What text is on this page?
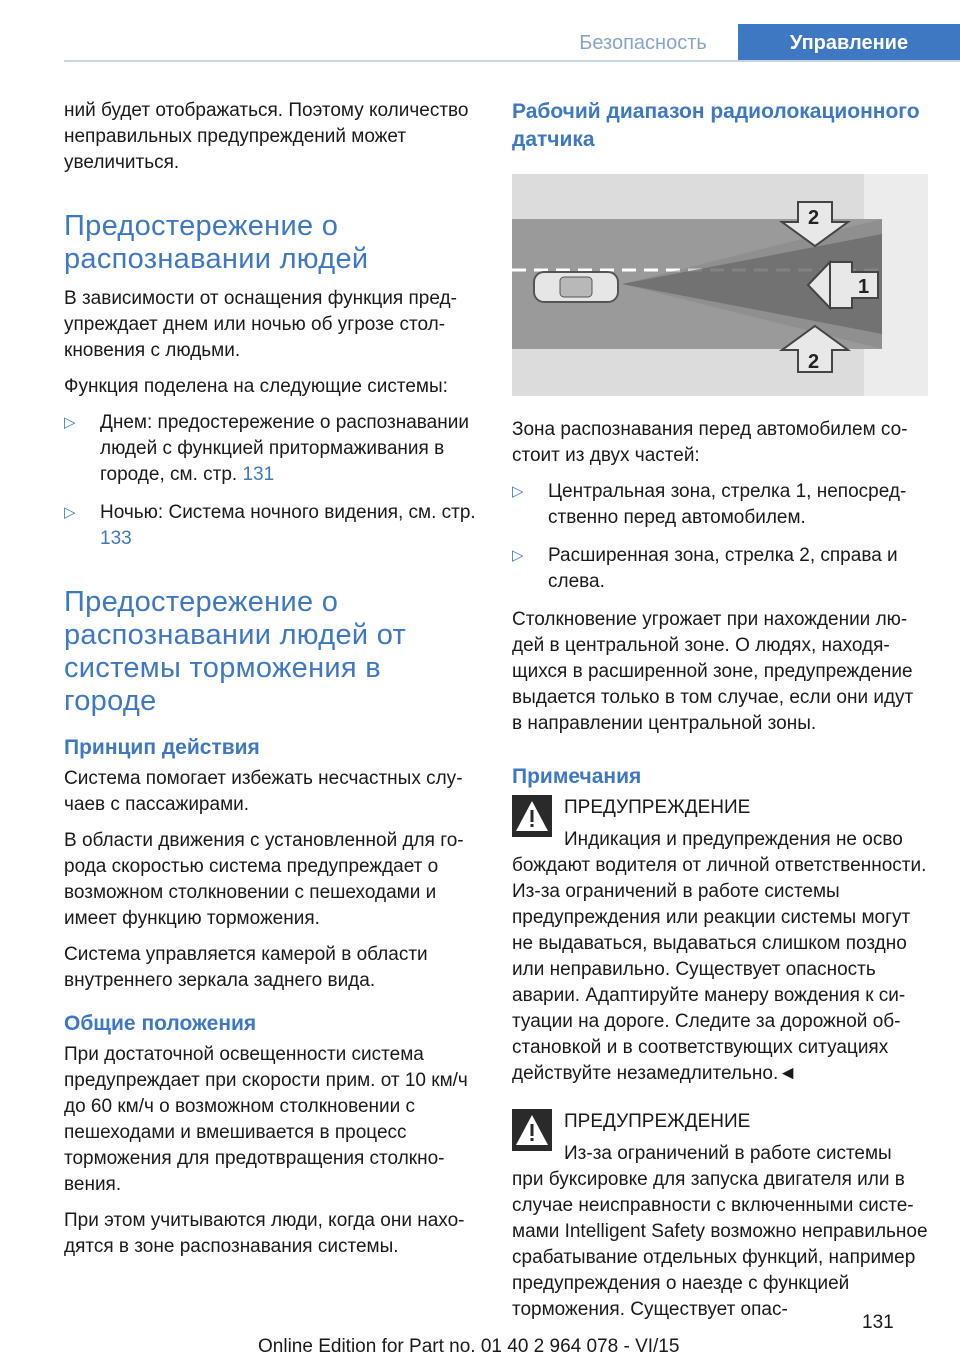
Безопасность	Управление

ний будет отображаться. Поэтому количество неправильных предупреждений может увеличиться.

Предостережение о распознавании людей

В зависимости от оснащения функция предупреждает днем или ночью об угрозе столкновения с людьми.

Функция поделена на следующие системы:

▷ Днем: предостережение о распознавании людей с функцией притормаживания в городе, см. стр. 131
▷ Ночью: Система ночного видения, см. стр. 133
Предостережение о распознавании людей от системы торможения в городе
Принцип действия

Система помогает избежать несчастных случаев с пассажирами.

В области движения с установленной для города скоростью система предупреждает о возможном столкновении с пешеходами и имеет функцию торможения.

Система управляется камерой в области внутреннего зеркала заднего вида.

Общие положения

При достаточной освещенности система предупреждает при скорости прим. от 10 км/ч до 60 км/ч о возможном столкновении с пешеходами и вмешивается в процесс торможения для предотвращения столкновения.

При этом учитываются люди, когда они находятся в зоне распознавания системы.

Рабочий диапазон радиолокационного датчика
1
2
2

Зона распознавания перед автомобилем состоит из двух частей:

▷ Центральная зона, стрелка 1, непосредственно перед автомобилем.
▷ Расширенная зона, стрелка 2, справа и слева.

Столкновение угрожает при нахождении людей в центральной зоне. О людях, находящихся в расширенной зоне, предупреждение выдается только в том случае, если они идут в направлении центральной зоны.

Примечания
ПРЕДУПРЕЖДЕНИЕ
Индикация и предупреждения не осво
бождают водителя от личной ответственности. Из-за ограничений в работе системы предупреждения или реакции системы могут не выдаваться, выдаваться слишком поздно или неправильно. Существует опасность аварии. Адаптируйте манеру вождения к ситуации на дороге. Следите за дорожной обстановкой и в соответствующих ситуациях действуйте незамедлительно.◄
ПРЕДУПРЕЖДЕНИЕ
Из-за ограничений в работе системы
при буксировке для запуска двигателя или в случае неисправности с включенными системами Intelligent Safety возможно неправильное срабатывание отдельных функций, например предупреждения о наезде с функцией торможения. Существует опас-
131
Online Edition for Part no. 01 40 2 964 078 - VI/15
